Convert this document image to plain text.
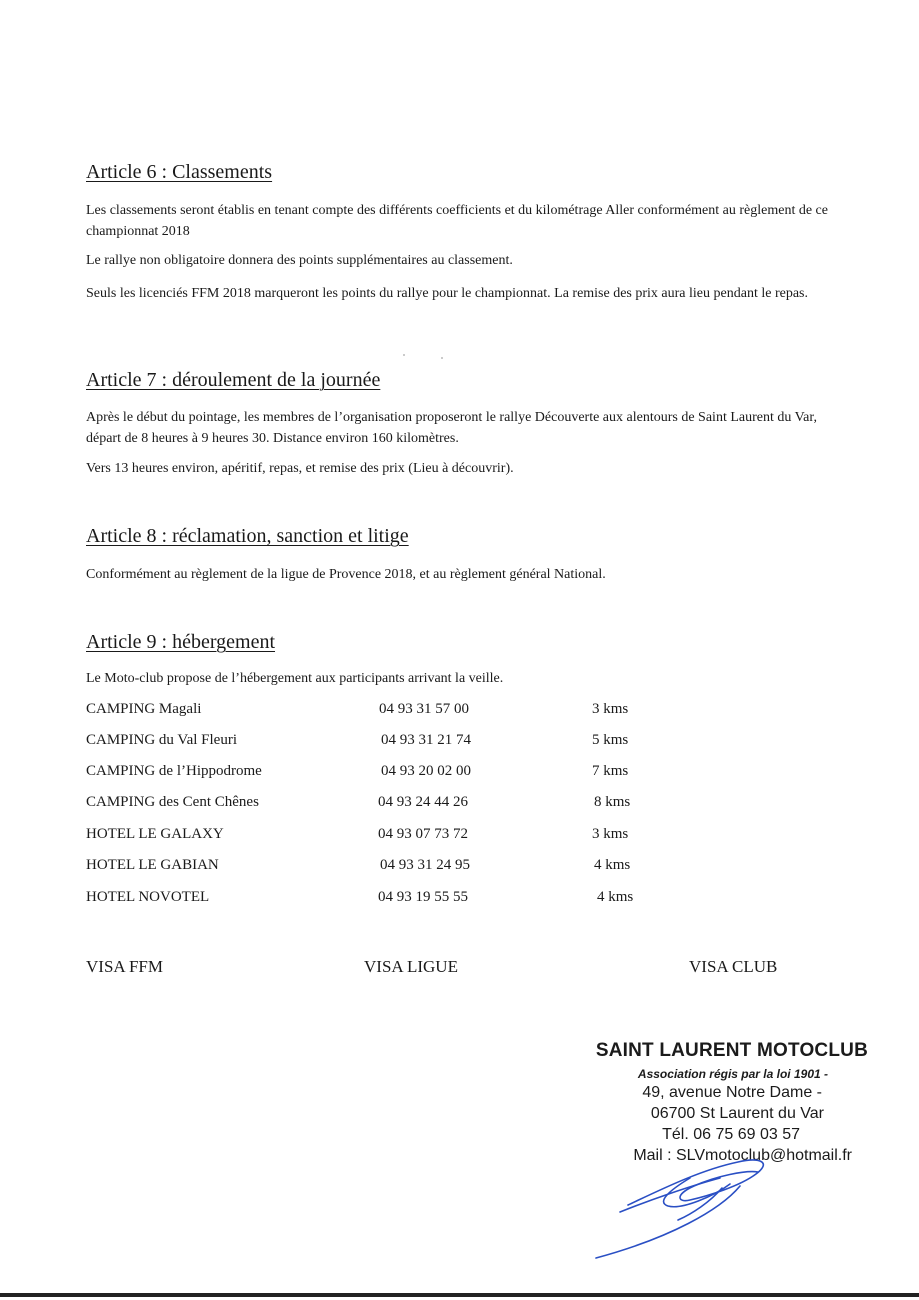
Article 6 : Classements

Les classements seront établis en tenant compte des différents coefficients et du kilométrage Aller conformément au règlement de ce championnat 2018

Le rallye non obligatoire donnera des points supplémentaires au classement.

Seuls les licenciés FFM 2018 marqueront les points du rallye pour le championnat. La remise des prix aura lieu pendant le repas.

Article 7 : déroulement de la journée

Après le début du pointage, les membres de l’organisation proposeront le rallye Découverte aux alentours de Saint Laurent du Var, départ de 8 heures à 9 heures 30. Distance environ 160 kilomètres.

Vers 13 heures environ, apéritif, repas, et remise des prix (Lieu à découvrir).

Article 8 : réclamation, sanction et litige

Conformément au règlement de la ligue de Provence 2018, et au règlement général National.

Article 9 : hébergement

Le Moto-club propose de l’hébergement aux participants arrivant la veille.

CAMPING Magali	04 93 31 57 00	3 kms
CAMPING du Val Fleuri	04 93 31 21 74	5 kms
CAMPING de l’Hippodrome	04 93 20 02 00	7 kms
CAMPING des Cent Chênes	04 93 24 44 26	8 kms
HOTEL LE GALAXY	04 93 07 73 72	3 kms
HOTEL LE GABIAN	04 93 31 24 95	4 kms
HOTEL NOVOTEL	04 93 19 55 55	4 kms
VISA FFM	VISA LIGUE	VISA CLUB
SAINT LAURENT MOTOCLUB
Association régis par la loi 1901 -
49, avenue Notre Dame -
06700 St Laurent du Var
Tél. 06 75 69 03 57
Mail : SLVmotoclub@hotmail.fr
